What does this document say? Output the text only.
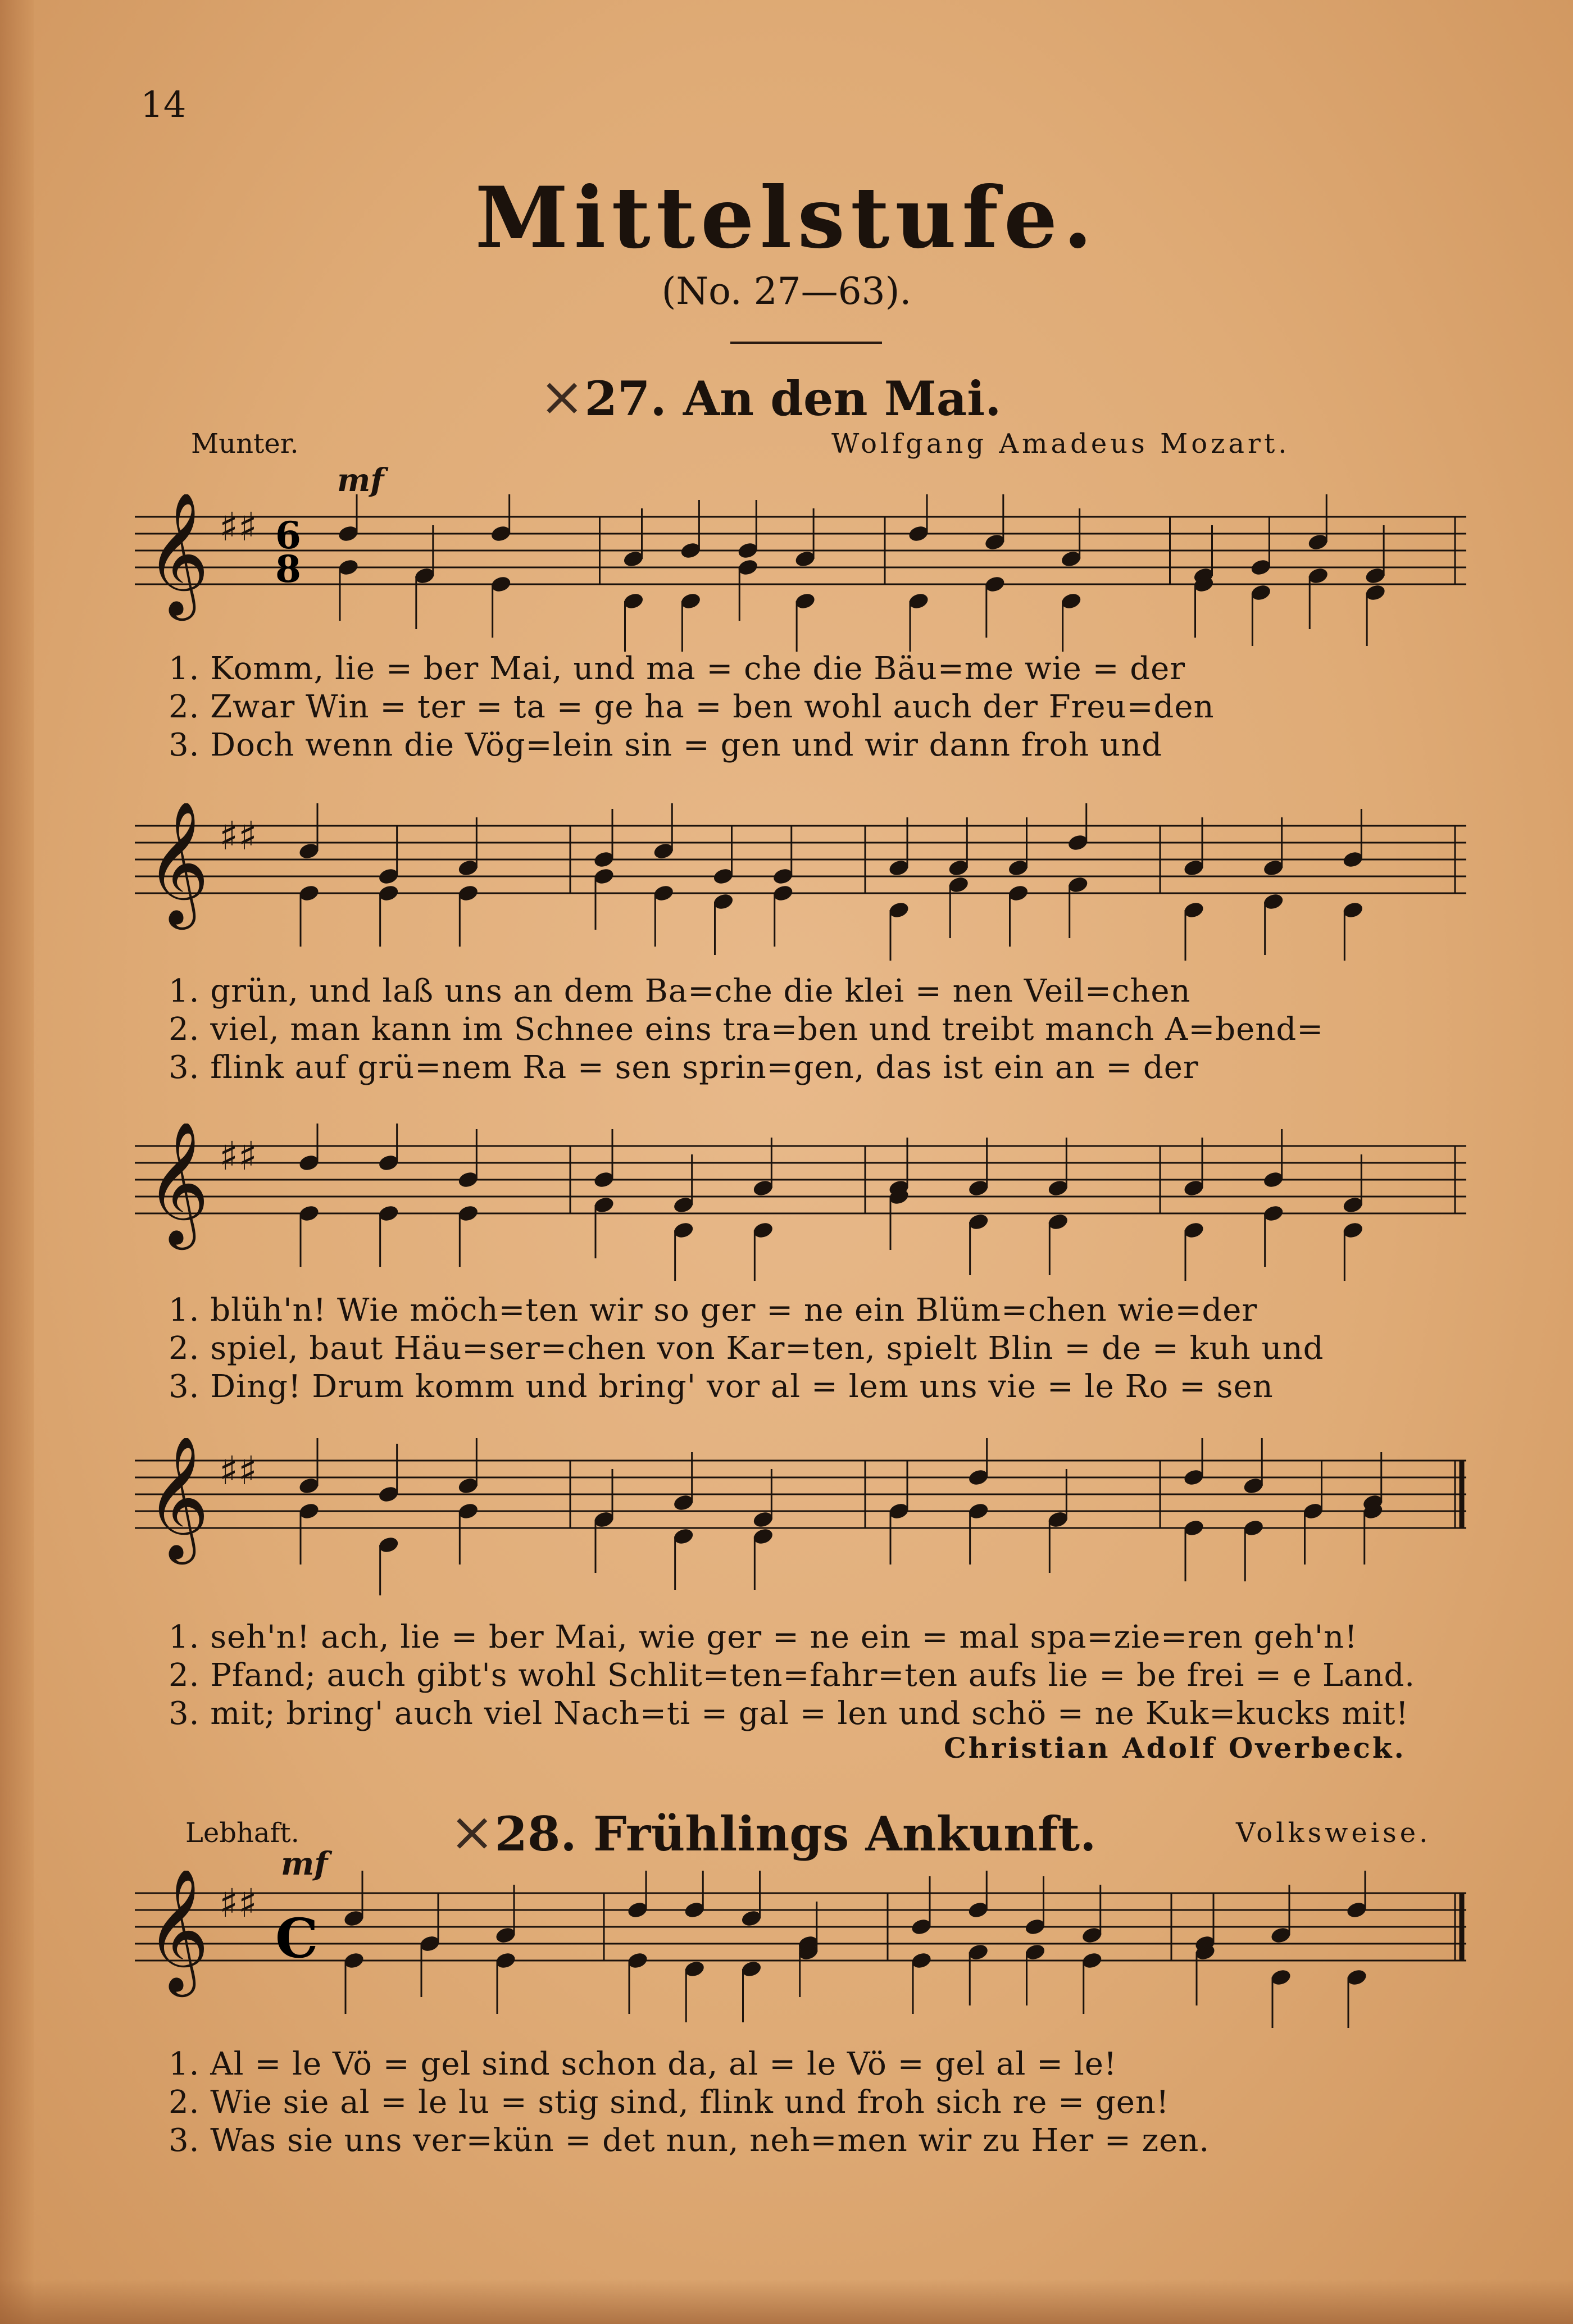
14
Mittelstufe.
(No. 27—63).
×27. An den Mai.
Munter.	Wolfgang Amadeus Mozart.
mf
𝄞 ♯♯ 6
8
1. Komm, lie = ber Mai, und ma = che die Bäu=me wie = der
2. Zwar Win = ter = ta = ge ha = ben wohl auch der Freu=den
3. Doch wenn die Vög=lein sin = gen und wir dann froh und
𝄞 ♯♯
1. grün, und laß uns an dem Ba=che die klei = nen Veil=chen
2. viel, man kann im Schnee eins tra=ben und treibt manch A=bend=
3. flink auf grü=nem Ra = sen sprin=gen, das ist ein an = der
𝄞 ♯♯
1. blüh'n! Wie möch=ten wir so ger = ne ein Blüm=chen wie=der
2. spiel, baut Häu=ser=chen von Kar=ten, spielt Blin = de = kuh und
3. Ding! Drum komm und bring' vor al = lem uns vie = le Ro = sen
𝄞 ♯♯
1. seh'n! ach, lie = ber Mai, wie ger = ne ein = mal spa=zie=ren geh'n!
2. Pfand; auch gibt's wohl Schlit=ten=fahr=ten aufs lie = be frei = e Land.
3. mit; bring' auch viel Nach=ti = gal = len und schö = ne Kuk=kucks mit!
Christian Adolf Overbeck.
Lebhaft.	×28. Frühlings Ankunft.	Volksweise.
mf
𝄞 ♯♯
C
1. Al = le Vö = gel sind schon da, al = le Vö = gel al = le!
2. Wie sie al = le lu = stig sind, flink und froh sich re = gen!
3. Was sie uns ver=kün = det nun, neh=men wir zu Her = zen.
